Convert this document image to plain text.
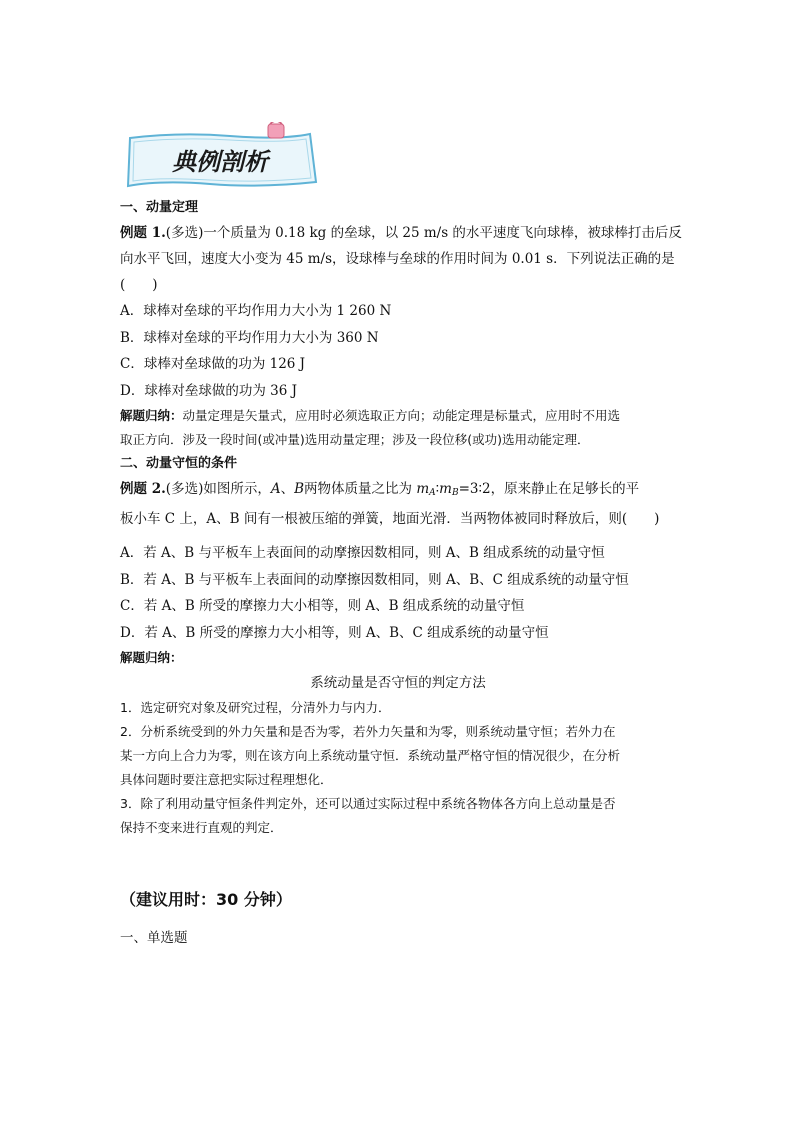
典例剖析
一、动量定理
例题 1.(多选)一个质量为 0.18 kg 的垒球，以 25 m/s 的水平速度飞向球棒，被球棒打击后反
向水平飞回，速度大小变为 45 m/s，设球棒与垒球的作用时间为 0.01 s．下列说法正确的是
(　　)
A．球棒对垒球的平均作用力大小为 1 260 N
B．球棒对垒球的平均作用力大小为 360 N
C．球棒对垒球做的功为 126 J
D．球棒对垒球做的功为 36 J
解题归纳：动量定理是矢量式，应用时必须选取正方向；动能定理是标量式，应用时不用选
取正方向．涉及一段时间(或冲量)选用动量定理；涉及一段位移(或功)选用动能定理．
二、动量守恒的条件
例题 2.(多选)如图所示，A、B两物体质量之比为 $m_A∶m_B=3∶2$，原来静止在足够长的平
板小车 C 上，A、B 间有一根被压缩的弹簧，地面光滑．当两物体被同时释放后，则(　　)
A．若 A、B 与平板车上表面间的动摩擦因数相同，则 A、B 组成系统的动量守恒
B．若 A、B 与平板车上表面间的动摩擦因数相同，则 A、B、C 组成系统的动量守恒
C．若 A、B 所受的摩擦力大小相等，则 A、B 组成系统的动量守恒
D．若 A、B 所受的摩擦力大小相等，则 A、B、C 组成系统的动量守恒
解题归纳：
系统动量是否守恒的判定方法
1．选定研究对象及研究过程，分清外力与内力．
2．分析系统受到的外力矢量和是否为零，若外力矢量和为零，则系统动量守恒；若外力在
某一方向上合力为零，则在该方向上系统动量守恒．系统动量严格守恒的情况很少，在分析
具体问题时要注意把实际过程理想化．
3．除了利用动量守恒条件判定外，还可以通过实际过程中系统各物体各方向上总动量是否
保持不变来进行直观的判定．
（建议用时：30 分钟）
一、单选题
